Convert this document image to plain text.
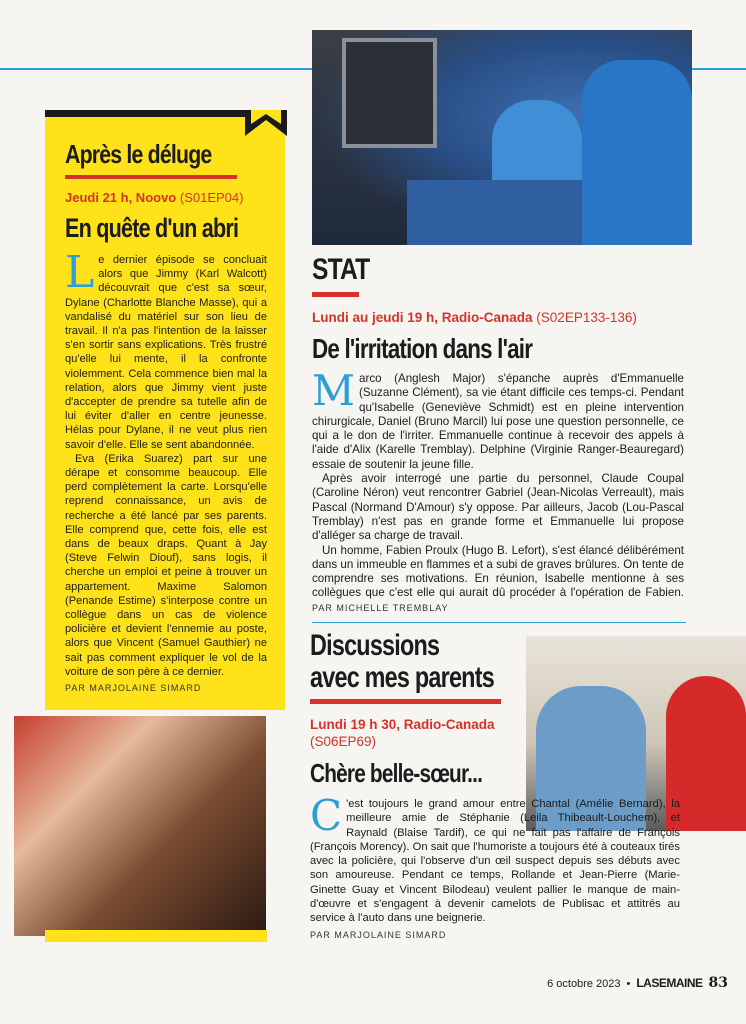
Après le déluge
Jeudi 21 h, Noovo (S01EP04)
En quête d'un abri

Le dernier épisode se concluait alors que Jimmy (Karl Walcott) découvrait que c'est sa sœur, Dylane (Charlotte Blanche Masse), qui a vandalisé du matériel sur son lieu de travail. Il n'a pas l'intention de la laisser s'en sortir sans explications. Très frustré qu'elle lui mente, il la confronte violemment. Cela commence bien mal la relation, alors que Jimmy vient juste d'accepter de prendre sa tutelle afin de lui éviter d'aller en centre jeunesse. Hélas pour Dylane, il ne veut plus rien savoir d'elle. Elle se sent abandonnée.

Eva (Erika Suarez) part sur une dérape et consomme beaucoup. Elle perd complètement la carte. Lorsqu'elle reprend connaissance, un avis de recherche a été lancé par ses parents. Elle comprend que, cette fois, elle est dans de beaux draps. Quant à Jay (Steve Felwin Diouf), sans logis, il cherche un emploi et peine à trouver un appartement. Maxime Salomon (Penande Estime) s'interpose contre un collègue dans un cas de violence policière et devient l'ennemie au poste, alors que Vincent (Samuel Gauthier) ne sait pas comment expliquer le vol de la voiture de son père à ce dernier.

PAR MARJOLAINE SIMARD
STAT
Lundi au jeudi 19 h, Radio-Canada (S02EP133-136)
De l'irritation dans l'air

Marco (Anglesh Major) s'épanche auprès d'Emmanuelle (Suzanne Clément), sa vie étant difficile ces temps-ci. Pendant qu'Isabelle (Geneviève Schmidt) est en pleine intervention chirurgicale, Daniel (Bruno Marcil) lui pose une question personnelle, ce qui a le don de l'irriter. Emmanuelle continue à recevoir des appels à l'aide d'Alix (Karelle Tremblay). Delphine (Virginie Ranger-Beauregard) essaie de soutenir la jeune fille.

Après avoir interrogé une partie du personnel, Claude Coupal (Caroline Néron) veut rencontrer Gabriel (Jean-Nicolas Verreault), mais Pascal (Normand D'Amour) s'y oppose. Par ailleurs, Jacob (Lou-Pascal Tremblay) n'est pas en grande forme et Emmanuelle lui propose d'alléger sa charge de travail.

Un homme, Fabien Proulx (Hugo B. Lefort), s'est élancé délibérément dans un immeuble en flammes et a subi de graves brûlures. On tente de comprendre ses motivations. En réunion, Isabelle mentionne à ses collègues que c'est elle qui aurait dû procéder à l'opération de Fabien. PAR MICHELLE TREMBLAY

Discussions
avec mes parents
Lundi 19 h 30, Radio-Canada
(S06EP69)
Chère belle-sœur...

C 'est toujours le grand amour entre Chantal (Amélie Bernard), la meilleure amie de Stéphanie (Leila Thibeault-Louchem), et Raynald (Blaise Tardif), ce qui ne fait pas l'affaire de François (François Morency). On sait que l'humoriste a toujours été à couteaux tirés avec la policière, qui l'observe d'un œil suspect depuis ses débuts avec son amoureuse. Pendant ce temps, Rollande et Jean-Pierre (Marie-Ginette Guay et Vincent Bilodeau) veulent pallier le manque de main-d'œuvre et s'engagent à devenir camelots de Publisac et attitrés au service à l'auto dans une beignerie.

PAR MARJOLAINE SIMARD
6 octobre 2023 • LASEMAINE 83
